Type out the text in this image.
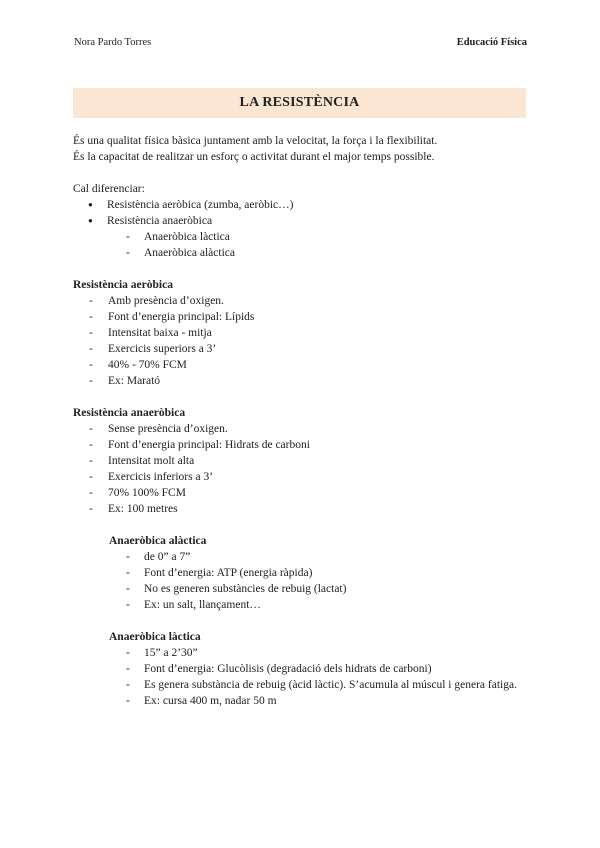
Nora Pardo Torres	Educació Física
LA RESISTÈNCIA
És una qualitat física bàsica juntament amb la velocitat, la força i la flexibilitat.
És la capacitat de realitzar un esforç o activitat durant el major temps possible.
Cal diferenciar:
● Resistència aeròbica (zumba, aeròbic…)
● Resistència anaeròbica
- Anaeròbica làctica
- Anaeròbica alàctica
Resistència aeròbica
- Amb presència d’oxigen.
- Font d’energia principal: Lípids
- Intensitat baixa - mitja
- Exercicis superiors a 3’
- 40% - 70% FCM
- Ex: Marató
Resistència anaeròbica
- Sense presència d’oxigen.
- Font d’energia principal: Hidrats de carboni
- Intensitat molt alta
- Exercicis inferiors a 3’
- 70% 100% FCM
- Ex: 100 metres
Anaeròbica alàctica
- de 0” a 7”
- Font d’energia: ATP (energia ràpida)
- No es generen substàncies de rebuig (lactat)
- Ex: un salt, llançament…
Anaeròbica làctica
- 15” a 2’30”
- Font d’energia: Glucòlisis (degradació dels hidrats de carboni)
- Es genera substància de rebuig (àcid làctic). S’acumula al múscul i genera fatiga.
- Ex: cursa 400 m, nadar 50 m
